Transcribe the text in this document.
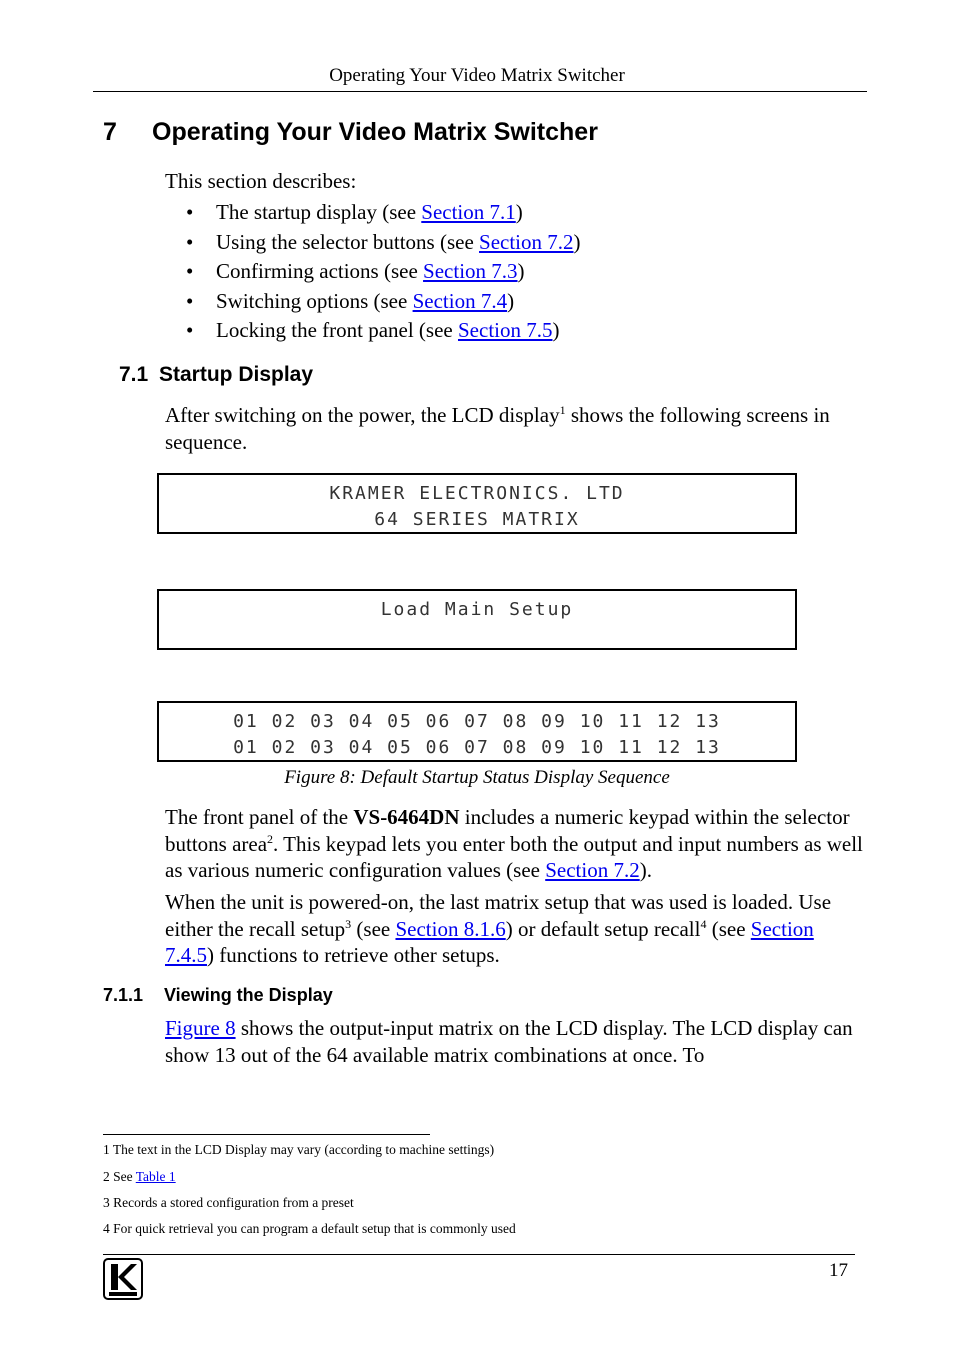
Operating Your Video Matrix Switcher
7 Operating Your Video Matrix Switcher
This section describes:
• The startup display (see Section 7.1)
• Using the selector buttons (see Section 7.2)
• Confirming actions (see Section 7.3)
• Switching options (see Section 7.4)
• Locking the front panel (see Section 7.5)
7.1 Startup Display
After switching on the power, the LCD display$^1$ shows the following screens in sequence.
KRAMER ELECTRONICS. LTD
64 SERIES MATRIX
Load Main Setup
01 02 03 04 05 06 07 08 09 10 11 12 13
01 02 03 04 05 06 07 08 09 10 11 12 13
Figure 8: Default Startup Status Display Sequence
The front panel of the VS-6464DN includes a numeric keypad within the selector buttons area$^2$. This keypad lets you enter both the output and input numbers as well as various numeric configuration values (see Section 7.2).
When the unit is powered-on, the last matrix setup that was used is loaded. Use either the recall setup$^3$ (see Section 8.1.6) or default setup recall$^4$ (see Section 7.4.5) functions to retrieve other setups.
7.1.1 Viewing the Display
Figure 8 shows the output-input matrix on the LCD display. The LCD display can show 13 out of the 64 available matrix combinations at once. To
1 The text in the LCD Display may vary (according to machine settings)
2 See Table 1
3 Records a stored configuration from a preset
4 For quick retrieval you can program a default setup that is commonly used
17
